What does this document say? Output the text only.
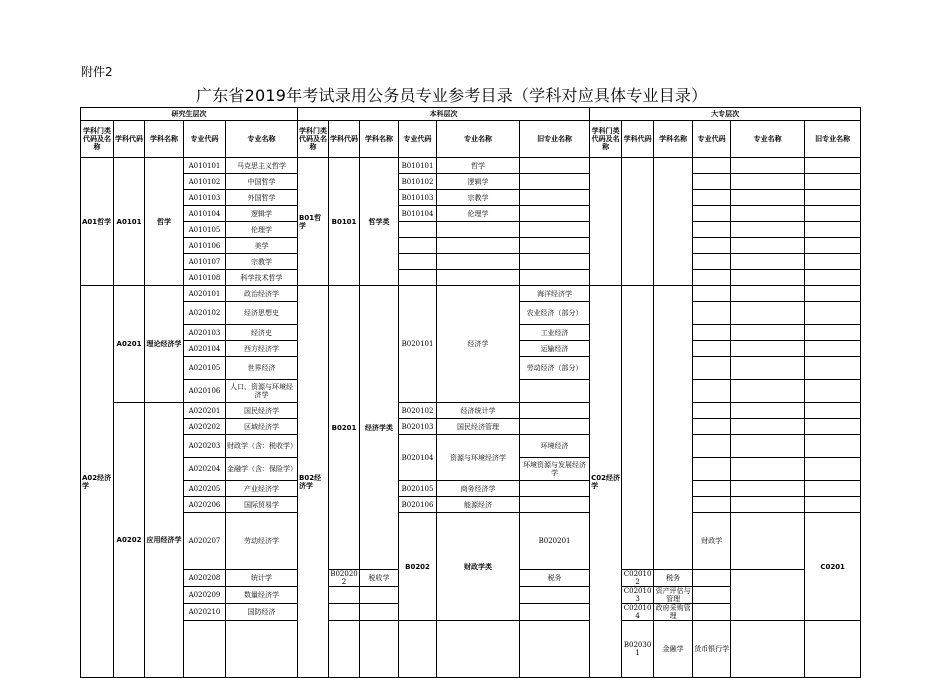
附件2
广东省2019年考试录用公务员专业参考目录（学科对应具体专业目录）
研究生层次					本科层次						大专层次						
学科门类代码及名称	学科代码	学科名称	专业代码	专业名称	学科门类代码及名称	学科代码	学科名称	专业代码	专业名称	旧专业名称	学科门类代码及名称	学科代码	学科名称	专业代码	专业名称	旧专业名称	
A01哲学	A0101	哲学	A010101	马克思主义哲学	B01哲学	B0101	哲学类	B010101	哲学								
			A010102	中国哲学				B010102	逻辑学								
			A010103	外国哲学				B010103	宗教学								
			A010104	逻辑学				B010104	伦理学								
			A010105	伦理学													
			A010106	美学													
			A010107	宗教学													
			A010108	科学技术哲学													
A02经济学	A0201	理论经济学	A020101	政治经济学	B02经济学	B0201	经济学类	B020101	经济学	海洋经济学	C02经济学						
			A020102	经济思想史						农业经济（部分）							
			A020103	经济史						工业经济							
			A020104	西方经济学						运输经济							
			A020105	世界经济						劳动经济（部分）							
			A020106	人口、资源与环境经济学													
	A0202	应用经济学	A020201	国民经济学				B020102	经济统计学								
			A020202	区域经济学				B020103	国民经济管理								
			A020203	财政学（含：税收学）				B020104	资源与环境经济学	环境经济							
			A020204	金融学（含：保险学）						环境资源与发展经济学							
			A020205	产业经济学				B020105	商务经济学								
			A020206	国际贸易学				B020106	能源经济								
			A020207	劳动经济学				B0202	财政学类	B020201				财政学		C0201				
			A020208	统计学		B020202	税收学			税务		C020102	税务				
			A020209	数量经济学								C020103	资产评估与管理				
			A020210	国防经济								C020104	政府采购管理				
												B020301	金融学	货币银行学						
